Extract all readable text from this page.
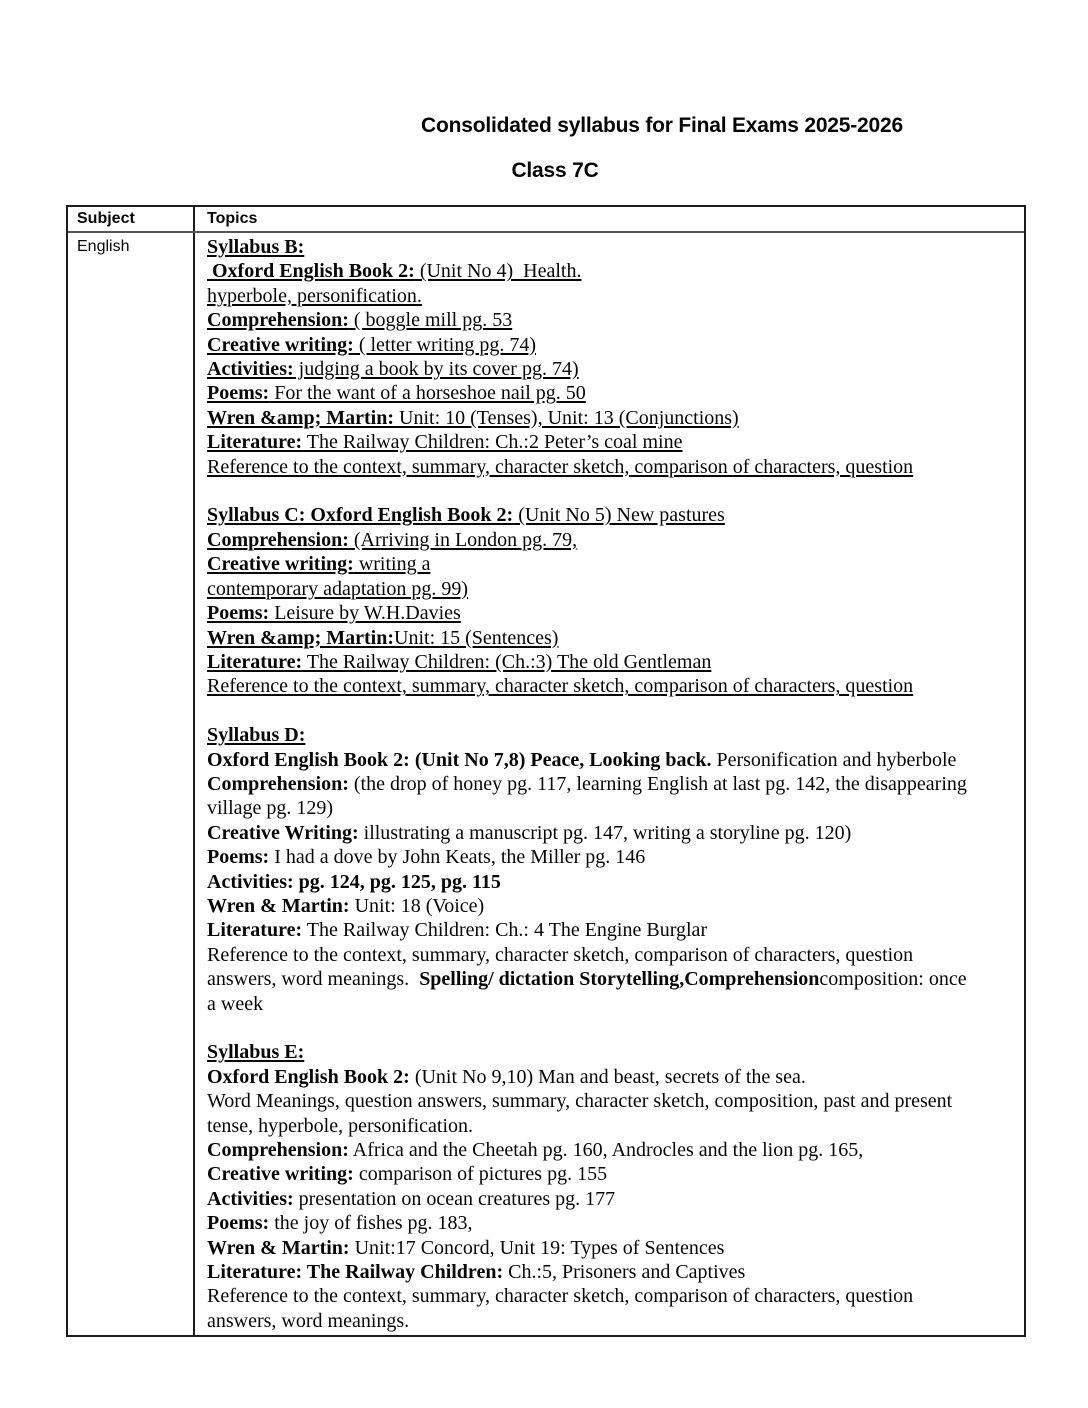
Consolidated syllabus for Final Exams 2025-2026
Class 7C
Subject	Topics
English	Syllabus B:
Oxford English Book 2: (Unit No 4)  Health.
hyperbole, personification.
Comprehension: ( boggle mill pg. 53
Creative writing: ( letter writing pg. 74)
Activities: judging a book by its cover pg. 74)
Poems: For the want of a horseshoe nail pg. 50
Wren &amp; Martin: Unit: 10 (Tenses), Unit: 13 (Conjunctions)
Literature: The Railway Children: Ch.:2 Peter’s coal mine
Reference to the context, summary, character sketch, comparison of characters, question

Syllabus C: Oxford English Book 2: (Unit No 5) New pastures
Comprehension: (Arriving in London pg. 79,
Creative writing: writing a
contemporary adaptation pg. 99)
Poems: Leisure by W.H.Davies
Wren &amp; Martin:Unit: 15 (Sentences)
Literature: The Railway Children: (Ch.:3) The old Gentleman
Reference to the context, summary, character sketch, comparison of characters, question

Syllabus D:
Oxford English Book 2: (Unit No 7,8) Peace, Looking back. Personification and hyberbole
Comprehension: (the drop of honey pg. 117, learning English at last pg. 142, the disappearing
village pg. 129)
Creative Writing: illustrating a manuscript pg. 147, writing a storyline pg. 120)
Poems: I had a dove by John Keats, the Miller pg. 146
Activities: pg. 124, pg. 125, pg. 115
Wren & Martin: Unit: 18 (Voice)
Literature: The Railway Children: Ch.: 4 The Engine Burglar
Reference to the context, summary, character sketch, comparison of characters, question
answers, word meanings.  Spelling/ dictation Storytelling,Comprehensioncomposition: once
a week

Syllabus E:
Oxford English Book 2: (Unit No 9,10) Man and beast, secrets of the sea.
Word Meanings, question answers, summary, character sketch, composition, past and present
tense, hyperbole, personification.
Comprehension: Africa and the Cheetah pg. 160, Androcles and the lion pg. 165,
Creative writing: comparison of pictures pg. 155
Activities: presentation on ocean creatures pg. 177
Poems: the joy of fishes pg. 183,
Wren & Martin: Unit:17 Concord, Unit 19: Types of Sentences
Literature: The Railway Children: Ch.:5, Prisoners and Captives
Reference to the context, summary, character sketch, comparison of characters, question
answers, word meanings.
